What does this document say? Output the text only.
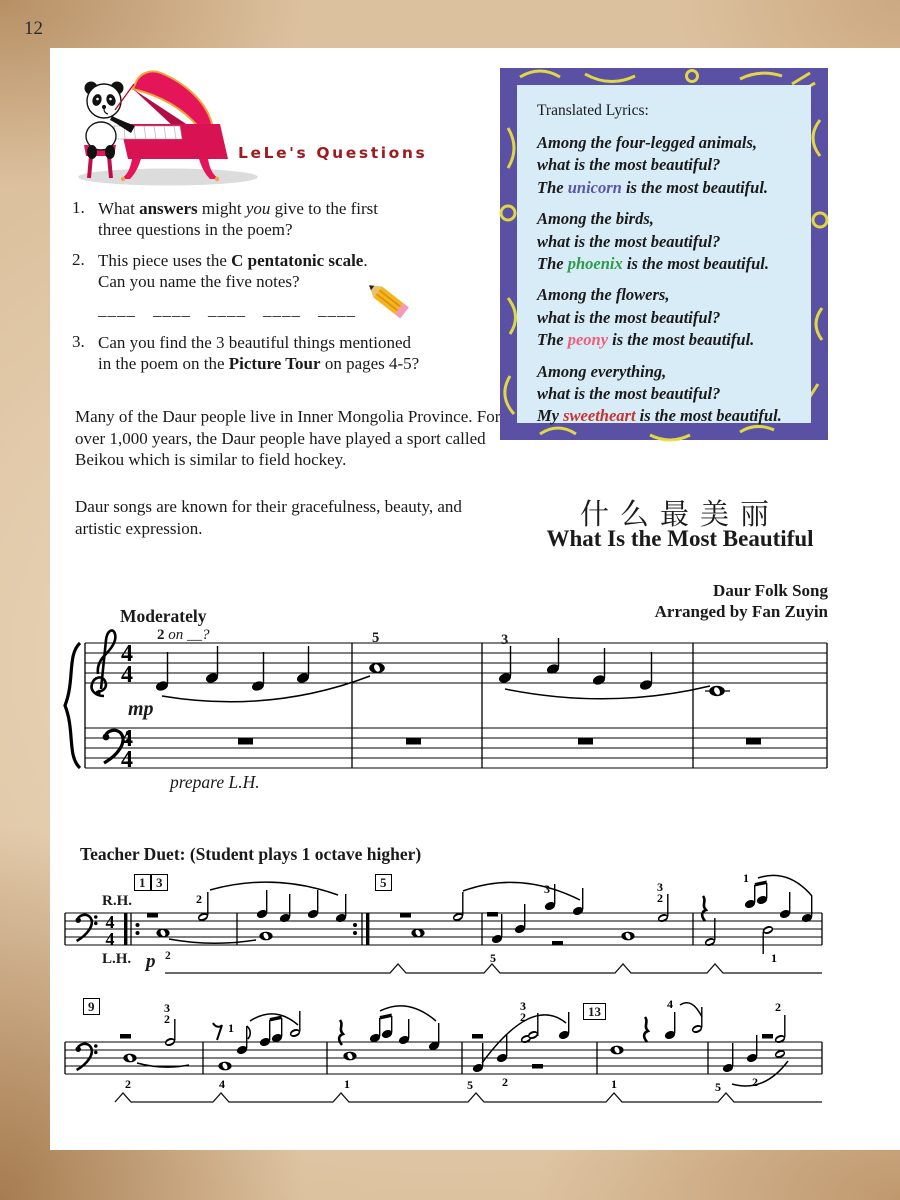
12
LeLe's Questions
1. What answers might you give to the first
three questions in the poem?
2. This piece uses the C pentatonic scale.
Can you name the five notes?
____ ____ ____ ____ ____
3. Can you find the 3 beautiful things mentioned
in the poem on the Picture Tour on pages 4-5?
Many of the Daur people live in Inner Mongolia Province. For over 1,000 years, the Daur people have played a sport called Beikou which is similar to field hockey.
Daur songs are known for their gracefulness, beauty, and artistic expression.
Translated Lyrics:
Among the four-legged animals,
what is the most beautiful?
The unicorn is the most beautiful.
Among the birds,
what is the most beautiful?
The phoenix is the most beautiful.
Among the flowers,
what is the most beautiful?
The peony is the most beautiful.
Among everything,
what is the most beautiful?
My sweetheart is the most beautiful.
什么最美丽
What Is the Most Beautiful
Daur Folk Song
Arranged by Fan Zuyin
Moderately
2 on __?	5	3
mp
prepare L.H.
4
4
4
4
Teacher Duet: (Student plays 1 octave higher)
R.H.
L.H. p 2
1 3	5
4
4
2
5
3	3
2
1
1
9	13
2
3
2
4
1
1	5 2
3
2
1
4
5	2
2
